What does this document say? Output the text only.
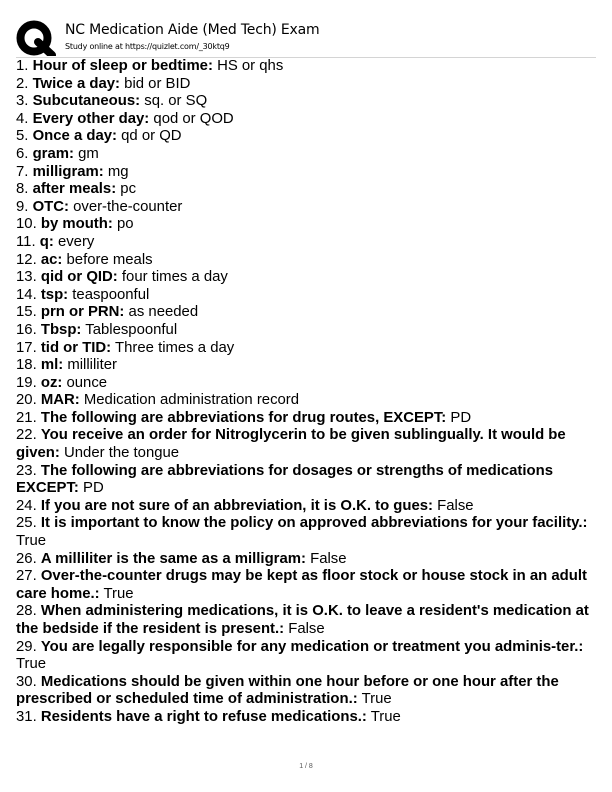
NC Medication Aide (Med Tech) Exam
Study online at https://quizlet.com/_30ktq9
1. Hour of sleep or bedtime: HS or qhs
2. Twice a day: bid or BID
3. Subcutaneous: sq. or SQ
4. Every other day: qod or QOD
5. Once a day: qd or QD
6. gram: gm
7. milligram: mg
8. after meals: pc
9. OTC: over-the-counter
10. by mouth: po
11. q: every
12. ac: before meals
13. qid or QID: four times a day
14. tsp: teaspoonful
15. prn or PRN: as needed
16. Tbsp: Tablespoonful
17. tid or TID: Three times a day
18. ml: milliliter
19. oz: ounce
20. MAR: Medication administration record
21. The following are abbreviations for drug routes, EXCEPT: PD
22. You receive an order for Nitroglycerin to be given sublingually. It would be given: Under the tongue
23. The following are abbreviations for dosages or strengths of medications EXCEPT: PD
24. If you are not sure of an abbreviation, it is O.K. to gues: False
25. It is important to know the policy on approved abbreviations for your facility.: True
26. A milliliter is the same as a milligram: False
27. Over-the-counter drugs may be kept as floor stock or house stock in an adult care home.: True
28. When administering medications, it is O.K. to leave a resident's medication at the bedside if the resident is present.: False
29. You are legally responsible for any medication or treatment you adminis-ter.: True
30. Medications should be given within one hour before or one hour after the prescribed or scheduled time of administration.: True
31. Residents have a right to refuse medications.: True
1 / 8
